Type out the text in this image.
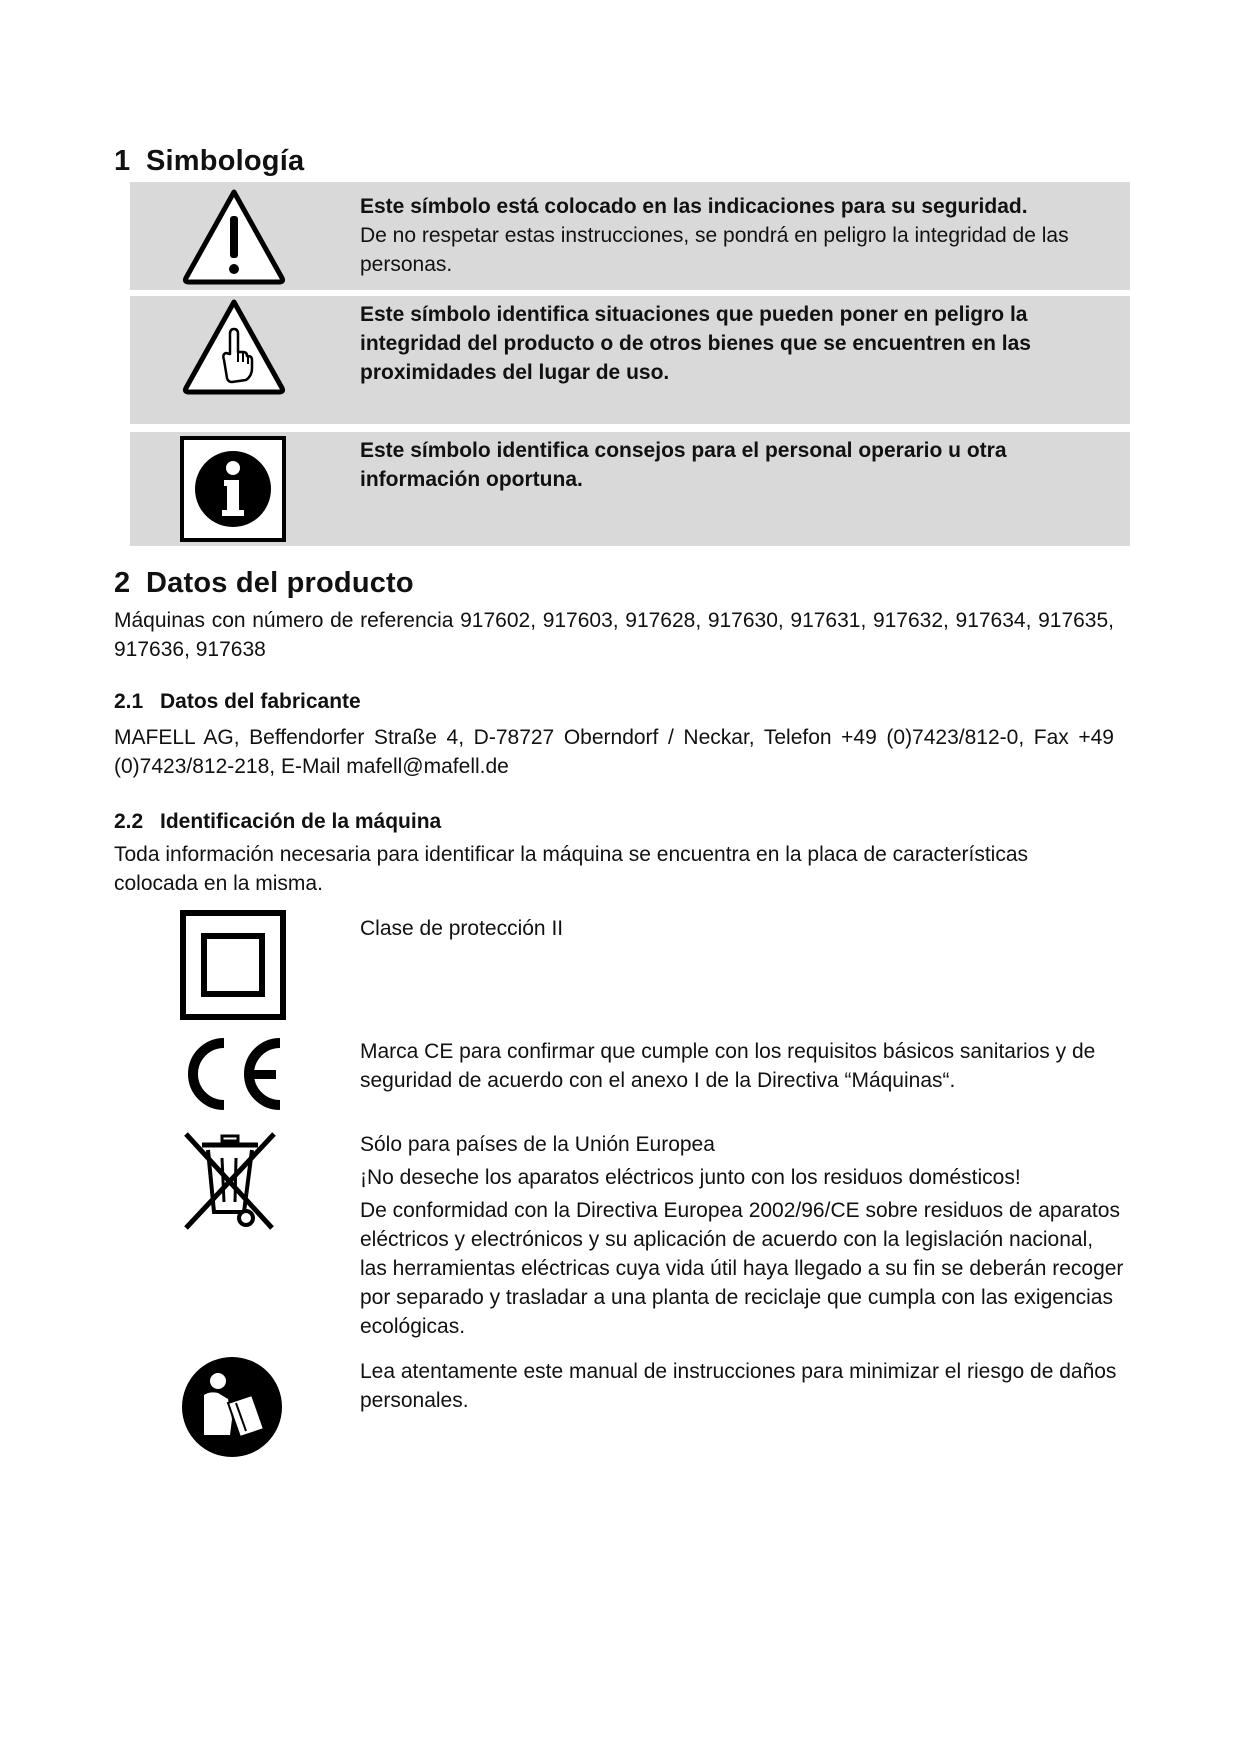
1 Simbología
Este símbolo está colocado en las indicaciones para su seguridad.
De no respetar estas instrucciones, se pondrá en peligro la integridad de las personas.
Este símbolo identifica situaciones que pueden poner en peligro la integridad del producto o de otros bienes que se encuentren en las proximidades del lugar de uso.
Este símbolo identifica consejos para el personal operario u otra información oportuna.
2 Datos del producto

Máquinas con número de referencia 917602, 917603, 917628, 917630, 917631, 917632, 917634, 917635, 917636, 917638

2.1 Datos del fabricante

MAFELL AG, Beffendorfer Straße 4, D-78727 Oberndorf / Neckar, Telefon +49 (0)7423/812-0, Fax +49 (0)7423/812-218, E-Mail mafell@mafell.de

2.2 Identificación de la máquina

Toda información necesaria para identificar la máquina se encuentra en la placa de características colocada en la misma.

Clase de protección II

Marca CE para confirmar que cumple con los requisitos básicos sanitarios y de seguridad de acuerdo con el anexo I de la Directiva “Máquinas“.

Sólo para países de la Unión Europea

¡No deseche los aparatos eléctricos junto con los residuos domésticos!

De conformidad con la Directiva Europea 2002/96/CE sobre residuos de aparatos eléctricos y electrónicos y su aplicación de acuerdo con la legislación nacional, las herramientas eléctricas cuya vida útil haya llegado a su fin se deberán recoger por separado y trasladar a una planta de reciclaje que cumpla con las exigencias ecológicas.

Lea atentamente este manual de instrucciones para minimizar el riesgo de daños personales.
